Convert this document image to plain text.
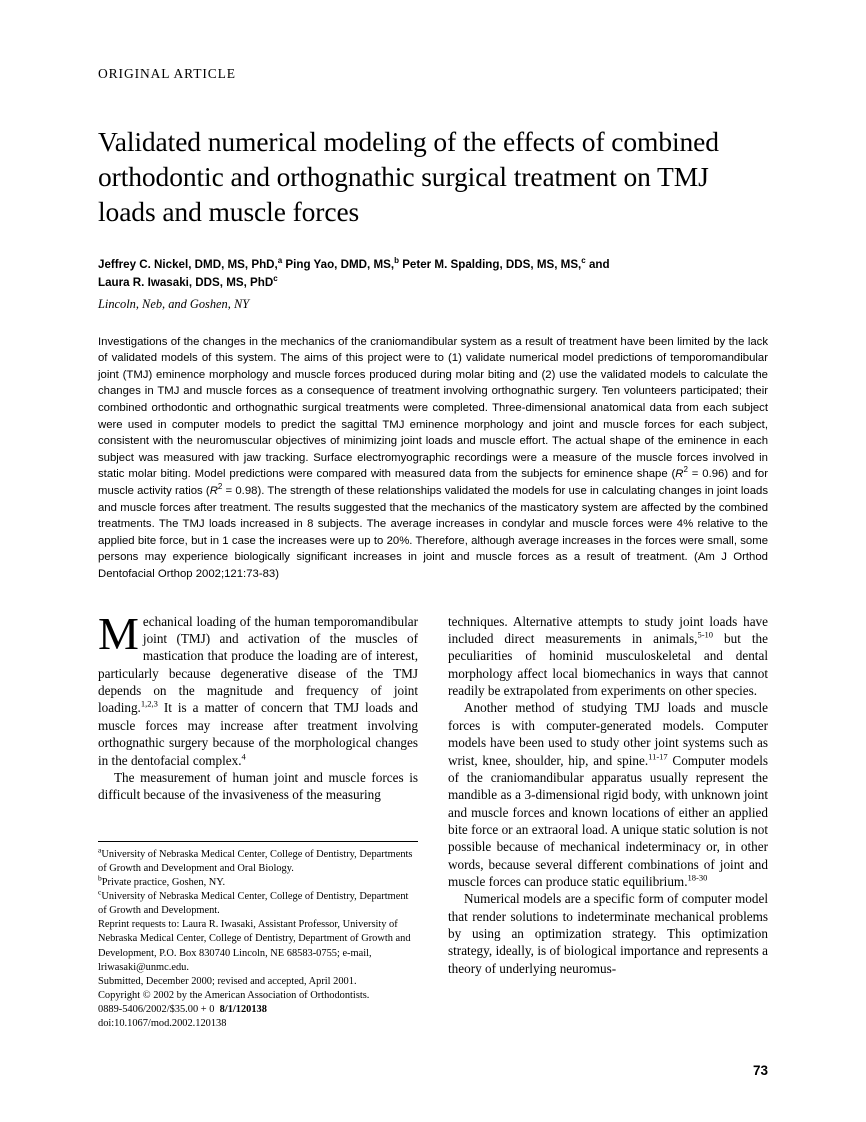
ORIGINAL ARTICLE
Validated numerical modeling of the effects of combined orthodontic and orthognathic surgical treatment on TMJ loads and muscle forces
Jeffrey C. Nickel, DMD, MS, PhD,$^a$ Ping Yao, DMD, MS,$^b$ Peter M. Spalding, DDS, MS, MS,$^c$ and
Laura R. Iwasaki, DDS, MS, PhD$^c$
Lincoln, Neb, and Goshen, NY
Investigations of the changes in the mechanics of the craniomandibular system as a result of treatment have been limited by the lack of validated models of this system. The aims of this project were to (1) validate numerical model predictions of temporomandibular joint (TMJ) eminence morphology and muscle forces produced during molar biting and (2) use the validated models to calculate the changes in TMJ and muscle forces as a consequence of treatment involving orthognathic surgery. Ten volunteers participated; their combined orthodontic and orthognathic surgical treatments were completed. Three-dimensional anatomical data from each subject were used in computer models to predict the sagittal TMJ eminence morphology and joint and muscle forces for each subject, consistent with the neuromuscular objectives of minimizing joint loads and muscle effort. The actual shape of the eminence in each subject was measured with jaw tracking. Surface electromyographic recordings were a measure of the muscle forces involved in static molar biting. Model predictions were compared with measured data from the subjects for eminence shape $(R^2 = 0.96)$ and for muscle activity ratios $(R^2 = 0.98)$. The strength of these relationships validated the models for use in calculating changes in joint loads and muscle forces after treatment. The results suggested that the mechanics of the masticatory system are affected by the combined treatments. The TMJ loads increased in 8 subjects. The average increases in condylar and muscle forces were 4% relative to the applied bite force, but in 1 case the increases were up to 20%. Therefore, although average increases in the forces were small, some persons may experience biologically significant increases in joint and muscle forces as a result of treatment. (Am J Orthod Dentofacial Orthop 2002;121:73-83)

Mechanical loading of the human temporomandibular joint (TMJ) and activation of the muscles of mastication that produce the loading are of interest, particularly because degenerative disease of the TMJ depends on the magnitude and frequency of joint loading.$^{1,2,3}$ It is a matter of concern that TMJ loads and muscle forces may increase after treatment involving orthognathic surgery because of the morphological changes in the dentofacial complex.$^4$

The measurement of human joint and muscle forces is difficult because of the invasiveness of the measuring

$^a$University of Nebraska Medical Center, College of Dentistry, Departments of Growth and Development and Oral Biology.
$^b$Private practice, Goshen, NY.
$^c$University of Nebraska Medical Center, College of Dentistry, Department of Growth and Development.
Reprint requests to: Laura R. Iwasaki, Assistant Professor, University of Nebraska Medical Center, College of Dentistry, Department of Growth and Development, P.O. Box 830740 Lincoln, NE 68583-0755; e-mail, lriwasaki@unmc.edu.
Submitted, December 2000; revised and accepted, April 2001.
Copyright © 2002 by the American Association of Orthodontists.
0889-5406/2002/$35.00 + 0 8/1/120138
doi:10.1067/mod.2002.120138

techniques. Alternative attempts to study joint loads have included direct measurements in animals,$^{5-10}$ but the peculiarities of hominid musculoskeletal and dental morphology affect local biomechanics in ways that cannot readily be extrapolated from experiments on other species.

Another method of studying TMJ loads and muscle forces is with computer-generated models. Computer models have been used to study other joint systems such as wrist, knee, shoulder, hip, and spine.$^{11-17}$ Computer models of the craniomandibular apparatus usually represent the mandible as a 3-dimensional rigid body, with unknown joint and muscle forces and known locations of either an applied bite force or an extraoral load. A unique static solution is not possible because of mechanical indeterminacy or, in other words, because several different combinations of joint and muscle forces can produce static equilibrium.$^{18-30}$

Numerical models are a specific form of computer model that render solutions to indeterminate mechanical problems by using an optimization strategy. This optimization strategy, ideally, is of biological importance and represents a theory of underlying neuromus-

73
